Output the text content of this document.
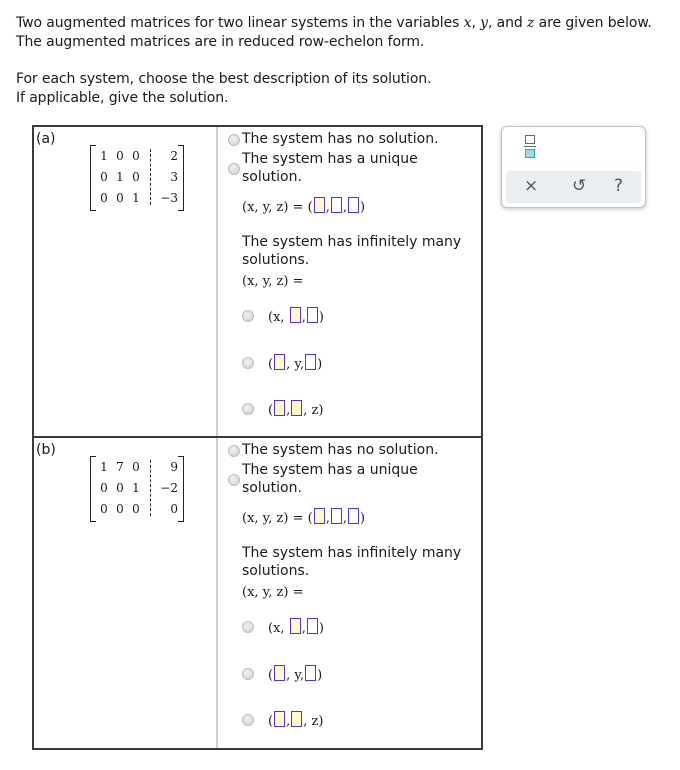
Two augmented matrices for two linear systems in the variables x, y, and z are given below.

The augmented matrices are in reduced row-echelon form.

For each system, choose the best description of its solution.

If applicable, give the solution.

(a)
1 0 0	2
0 1 0	3
0 0 1	−3
The system has no solution.
The system has a unique
solution.
(x, y, z) = ( , , )
The system has infinitely many
solutions.
(x, y, z) =
(x, , )
( , y, )
( , , z)
(b)
1 7 0	9
0 0 1	−2
0 0 0	0
The system has no solution.
The system has a unique
solution.
(x, y, z) = ( , , )
The system has infinitely many
solutions.
(x, y, z) =
(x, , )
( , y, )
( , , z)
× ↺ ?
